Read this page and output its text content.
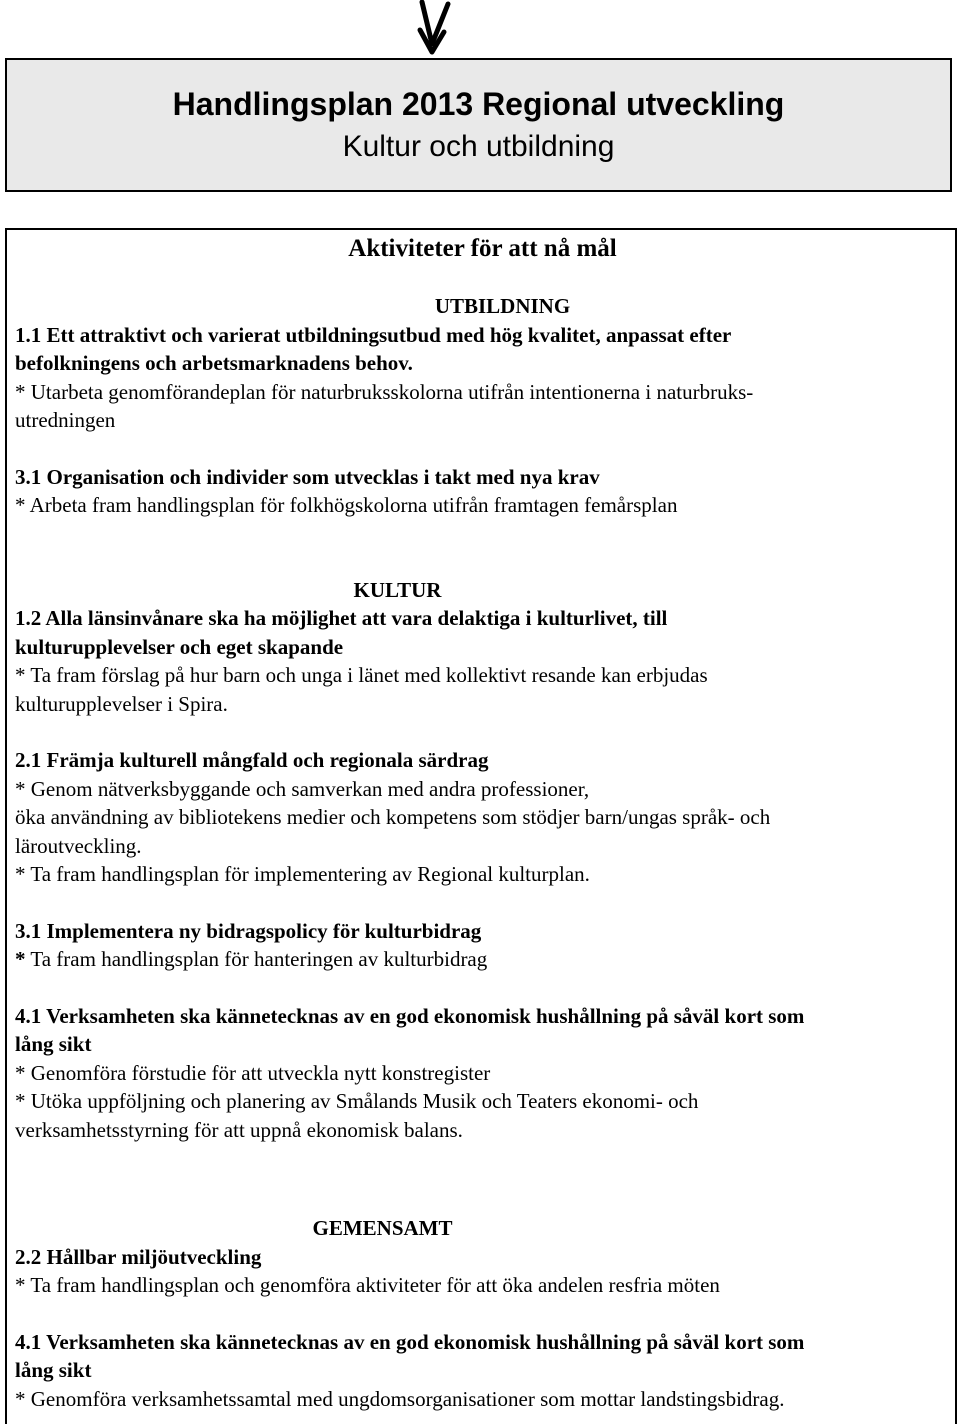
Handlingsplan 2013 Regional utveckling
Kultur och utbildning

Aktiviteter för att nå mål

UTBILDNING

1.1 Ett attraktivt och varierat utbildningsutbud med hög kvalitet, anpassat efter

befolkningens och arbetsmarknadens behov.

* Utarbeta genomförandeplan för naturbruksskolorna utifrån intentionerna i naturbruks-

utredningen

3.1 Organisation och individer som utvecklas i takt med nya krav

* Arbeta fram handlingsplan för folkhögskolorna utifrån framtagen femårsplan

KULTUR

1.2 Alla länsinvånare ska ha möjlighet att vara delaktiga i kulturlivet, till

kulturupplevelser och eget skapande

* Ta fram förslag på hur barn och unga i länet med kollektivt resande kan erbjudas

kulturupplevelser i Spira.

2.1 Främja kulturell mångfald och regionala särdrag

* Genom nätverksbyggande och samverkan med andra professioner,

öka användning av bibliotekens medier och kompetens som stödjer barn/ungas språk- och

läroutveckling.

* Ta fram handlingsplan för implementering av Regional kulturplan.

3.1 Implementera ny bidragspolicy för kulturbidrag

* Ta fram handlingsplan för hanteringen av kulturbidrag

4.1 Verksamheten ska kännetecknas av en god ekonomisk hushållning på såväl kort som

lång sikt

* Genomföra förstudie för att utveckla nytt konstregister

* Utöka uppföljning och planering av Smålands Musik och Teaters ekonomi- och

verksamhetsstyrning för att uppnå ekonomisk balans.

GEMENSAMT

2.2 Hållbar miljöutveckling

* Ta fram handlingsplan och genomföra aktiviteter för att öka andelen resfria möten

4.1 Verksamheten ska kännetecknas av en god ekonomisk hushållning på såväl kort som

lång sikt

* Genomföra verksamhetssamtal med ungdomsorganisationer som mottar landstingsbidrag.
